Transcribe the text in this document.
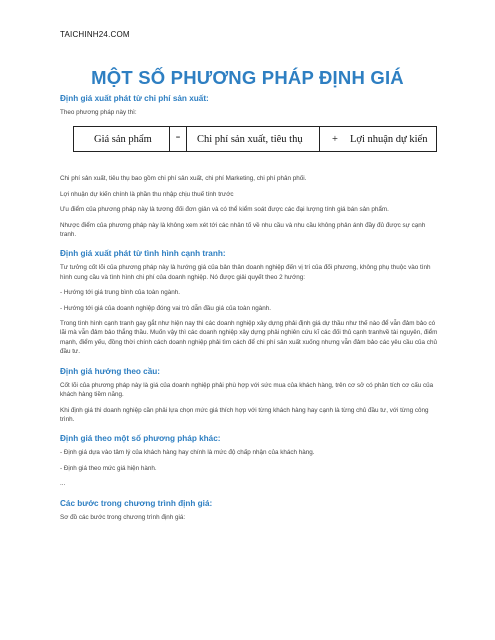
TAICHINH24.COM
MỘT SỐ PHƯƠNG PHÁP ĐỊNH GIÁ
Định giá xuất phát từ chi phí sản xuất:

Theo phương pháp này thì:

Giá sản phẩm	=	Chi phí sản xuất, tiêu thụ	+	Lợi nhuận dự kiến

Chi phí sản xuất, tiêu thụ bao gồm chi phí sản xuất, chi phí Marketing, chi phí phân phối.

Lợi nhuận dự kiến chính là phần thu nhập chịu thuế tính trước

Ưu điểm của phương pháp này là tương đối đơn giản và có thể kiểm soát được các đại lượng tính giá bán sản phẩm.

Nhược điểm của phương pháp này là không xem xét tới các nhân tố về nhu cầu và nhu cầu không phản ánh đầy đủ được sự cạnh tranh.

Định giá xuất phát từ tình hình cạnh tranh:

Tư tưởng cốt lõi của phương pháp này là hướng giá của bản thân doanh nghiệp đến vị trí của đối phương, không phụ thuộc vào tình hình cung cầu và tình hình chi phí của doanh nghiệp. Nó được giải quyết theo 2 hướng:

- Hướng tới giá trung bình của toàn ngành.

- Hướng tới giá của doanh nghiệp đóng vai trò dẫn đầu giá của toàn ngành.

Trong tình hình cạnh tranh gay gắt như hiện nay thì các doanh nghiệp xây dựng phải định giá dự thầu như thế nào để vẫn đảm bảo có lãi mà vẫn đảm bảo thắng thầu. Muốn vậy thì các doanh nghiệp xây dựng phải nghiên cứu kĩ các đối thủ cạnh tranhvề tài nguyên, điểm mạnh, điểm yếu, đồng thời chính cách doanh nghiệp phải tìm cách để chi phí sản xuất xuống nhưng vẫn đảm bảo các yêu cầu của chủ đầu tư.

Định giá hướng theo cầu:

Cốt lõi của phương pháp này là giá của doanh nghiệp phải phù hợp với sức mua của khách hàng, trên cơ sở có phân tích cơ cấu của khách hàng tiềm năng.

Khi định giá thì doanh nghiệp cần phải lựa chọn mức giá thích hợp với từng khách hàng hay cạnh là từng chủ đầu tư, với từng công trình.

Định giá theo một số phương pháp khác:

- Định giá dựa vào tâm lý của khách hàng hay chính là mức độ chấp nhận của khách hàng.

- Định giá theo mức giá hiện hành.

...

Các bước trong chương trình định giá:

Sơ đồ các bước trong chương trình định giá:
